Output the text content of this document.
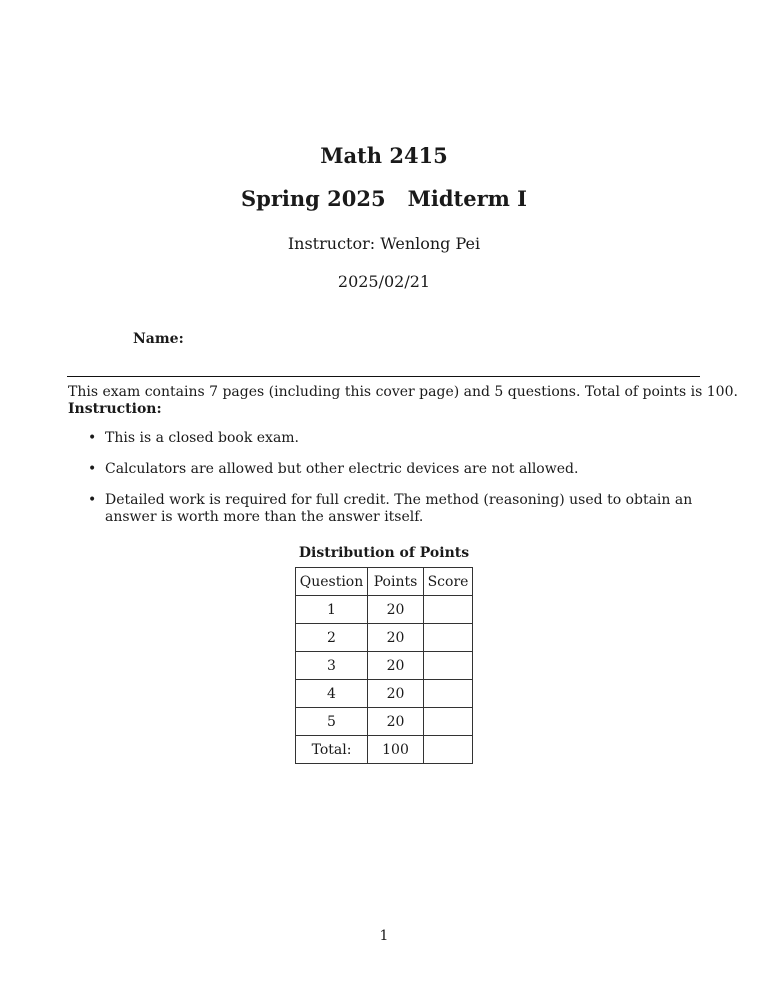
Math 2415
Spring 2025 Midterm I
Instructor: Wenlong Pei
2025/02/21
Name:
This exam contains 7 pages (including this cover page) and 5 questions. Total of points is 100.
Instruction:
• This is a closed book exam.
• Calculators are allowed but other electric devices are not allowed.
• Detailed work is required for full credit. The method (reasoning) used to obtain an answer is worth more than the answer itself.
Distribution of Points
Question	Points	Score
1	20	
2	20	
3	20	
4	20	
5	20	
Total:	100	
1
